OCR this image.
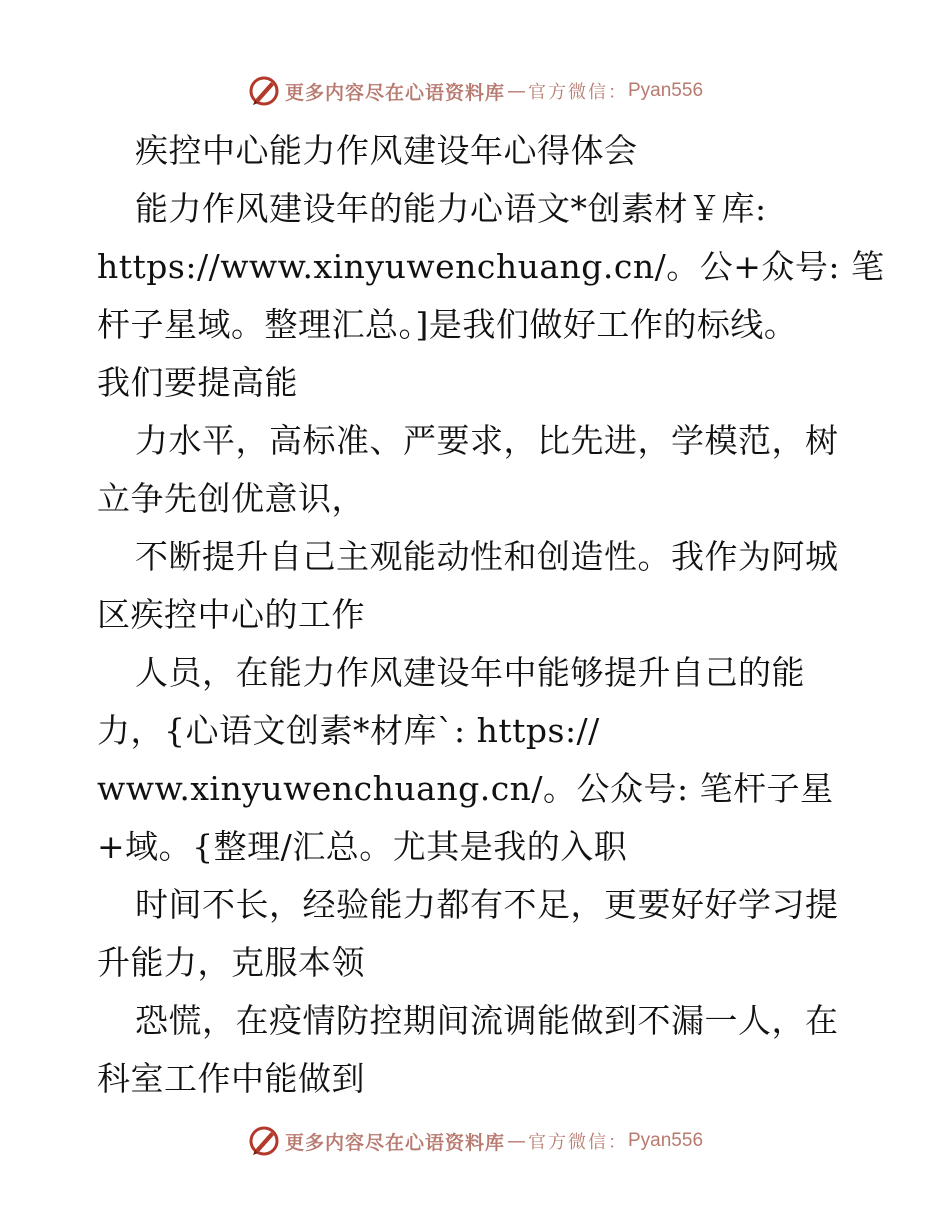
更多内容尽在心语资料库 — 官方微信： Pyan556
疾控中心能力作风建设年心得体会
能力作风建设年的能力心语文*创素材￥库:
https://www.xinyuwenchuang.cn/。公+众号: 笔
杆子星域。整理汇总。]是我们做好工作的标线。
我们要提高能
力水平，高标准、严要求，比先进，学模范，树
立争先创优意识，
不断提升自己主观能动性和创造性。我作为阿城
区疾控中心的工作
人员，在能力作风建设年中能够提升自己的能
力，{心语文创素*材库`: https://
www.xinyuwenchuang.cn/。公众号: 笔杆子星
+域。{整理/汇总。尤其是我的入职
时间不长，经验能力都有不足，更要好好学习提
升能力，克服本领
恐慌，在疫情防控期间流调能做到不漏一人，在
科室工作中能做到
更多内容尽在心语资料库 — 官方微信： Pyan556
